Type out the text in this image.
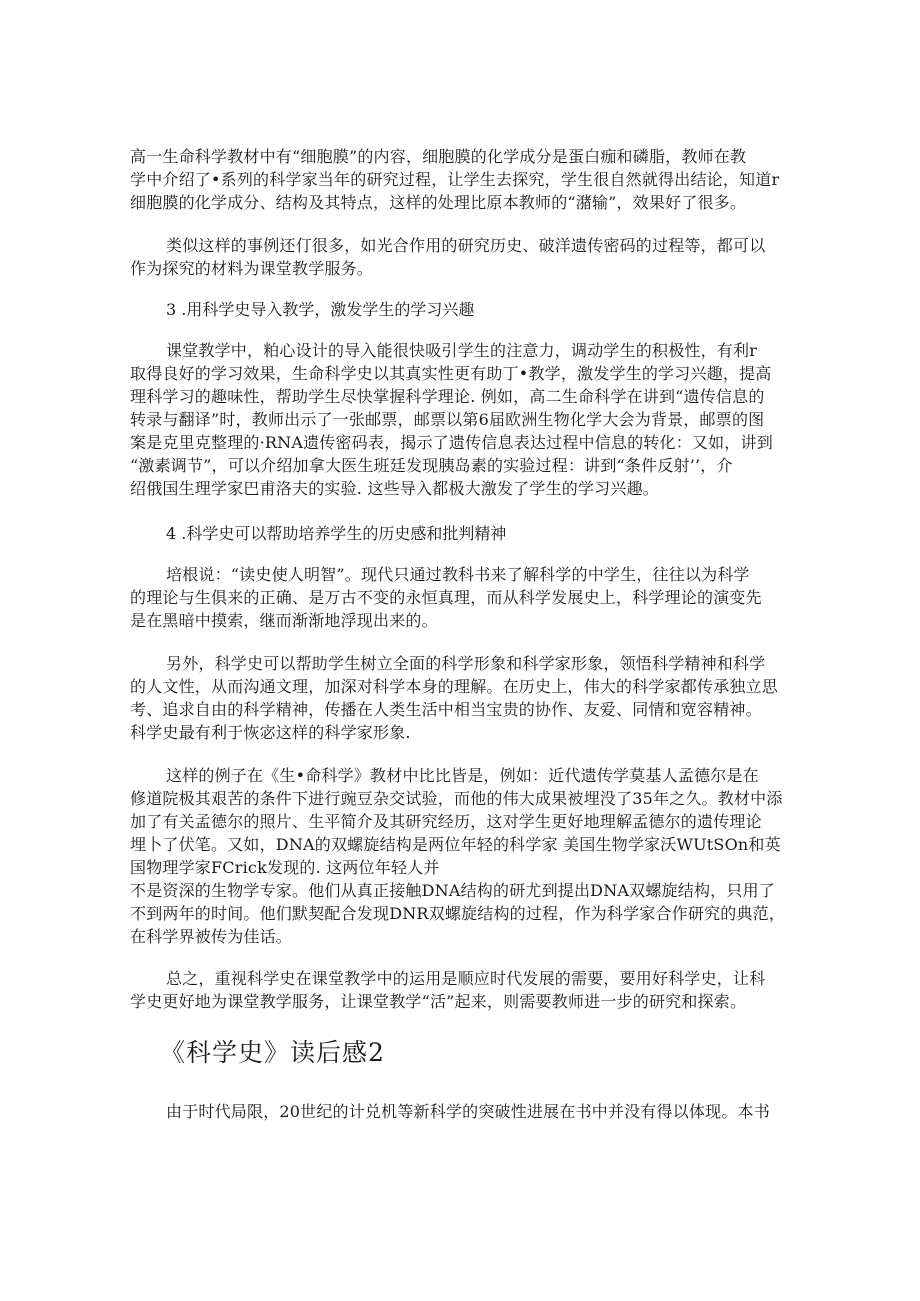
高一生命科学教材中有“细胞膜”的内容，细胞膜的化学成分是蛋白痂和磷脂，教师在教
学中介绍了•系列的科学家当年的研究过程，让学生去探究，学生很自然就得出结论，知道r
细胞膜的化学成分、结构及其特点，这样的处理比原本教师的“潴输”，效果好了很多。
类似这样的事例还仃很多，如光合作用的研究历史、破洋遗传密码的过程等，都可以
作为探究的材料为课堂教学服务。
3 .用科学史导入教学，激发学生的学习兴趣
课堂教学中，粕心设计的导入能很快吸引学生的注意力，调动学生的积极性，有利r
取得良好的学习效果，生命科学史以其真实性更有助丁•教学，激发学生的学习兴趣，提高
理科学习的趣味性，帮助学生尽快掌握科学理论. 例如，高二生命科学在讲到“遗传信息的
转录与翻译”时，教师出示了一张邮票，邮票以第6届欧洲生物化学大会为背景，邮票的图
案是克里克整理的·RNA遗传密码表，揭示了遗传信息表达过程中信息的转化：又如，讲到
“激素调节”，可以介绍加拿大医生班廷发现胰岛素的实验过程：讲到“条件反射’’，介
绍俄国生理学家巴甫洛夫的实验. 这些导入都极大激发了学生的学习兴趣。
4 .科学史可以帮助培养学生的历史感和批判精神
培根说：“读史使人明智”。现代只通过教科书来了解科学的中学生，往往以为科学
的理论与生俱来的正确、是万古不变的永恒真理，而从科学发展史上，科学理论的演变先
是在黑暗中摸索，继而渐渐地浮现出来的。
另外，科学史可以帮助学生树立全面的科学形象和科学家形象，领悟科学精神和科学
的人文性，从而沟通文理，加深对科学本身的理解。在历史上，伟大的科学家都传承独立思
考、追求自由的科学精神，传播在人类生活中相当宝贵的协作、友爱、同情和宽容精神。
科学史最有利于恢宓这样的科学家形象.
这样的例子在《生•命科学》教材中比比皆是，例如：近代遗传学莫基人孟德尔是在
修道院极其艰苦的条件下进行豌豆杂交试验，而他的伟大成果被埋没了35年之久。教材中添
加了有关孟德尔的照片、生平简介及其研究经历，这对学生更好地理解孟德尔的遗传理论
埋卜了伏笔。又如，DNA的双螺旋结构是两位年轻的科学家 美国生物学家沃WUtSOn和英
国物理学家FCrick发现的. 这两位年轻人并
不是资深的生物学专家。他们从真正接触DNA结构的研尤到提出DNA双螺旋结构，只用了
不到两年的时间。他们默契配合发现DNR双螺旋结构的过程，作为科学家合作研究的典范，
在科学界被传为佳话。
总之，重视科学史在课堂教学中的运用是顺应时代发展的需要，要用好科学史，让科
学史更好地为课堂教学服务，让课堂教学“活”起来，则需要教师进一步的研究和探索。
《科学史》读后感2
由于时代局限，20世纪的计兑机等新科学的突破性进展在书中并没有得以体现。本书
